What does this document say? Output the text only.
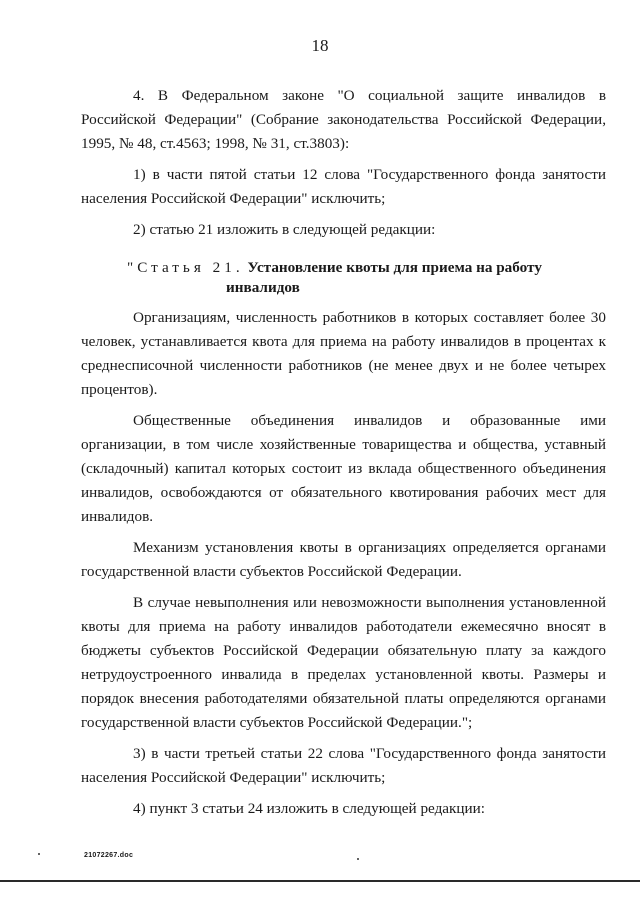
18

4. В Федеральном законе "О социальной защите инвалидов в Российской Федерации" (Собрание законодательства Российской Федерации, 1995, № 48, ст.4563; 1998, № 31, ст.3803):

1) в части пятой статьи 12 слова "Государственного фонда занятости населения Российской Федерации" исключить;

2) статью 21 изложить в следующей редакции:

"Статья 21. Установление квоты для приема на работу
инвалидов

Организациям, численность работников в которых составляет более 30 человек, устанавливается квота для приема на работу инвалидов в процентах к среднесписочной численности работников (не менее двух и не более четырех процентов).

Общественные объединения инвалидов и образованные ими организации, в том числе хозяйственные товарищества и общества, уставный (складочный) капитал которых состоит из вклада общественного объединения инвалидов, освобождаются от обязательного квотирования рабочих мест для инвалидов.

Механизм установления квоты в организациях определяется органами государственной власти субъектов Российской Федерации.

В случае невыполнения или невозможности выполнения установленной квоты для приема на работу инвалидов работодатели ежемесячно вносят в бюджеты субъектов Российской Федерации обязательную плату за каждого нетрудоустроенного инвалида в пределах установленной квоты. Размеры и порядок внесения работодателями обязательной платы определяются органами государственной власти субъектов Российской Федерации.";

3) в части третьей статьи 22 слова "Государственного фонда занятости населения Российской Федерации" исключить;

4) пункт 3 статьи 24 изложить в следующей редакции:

21072267.doc
